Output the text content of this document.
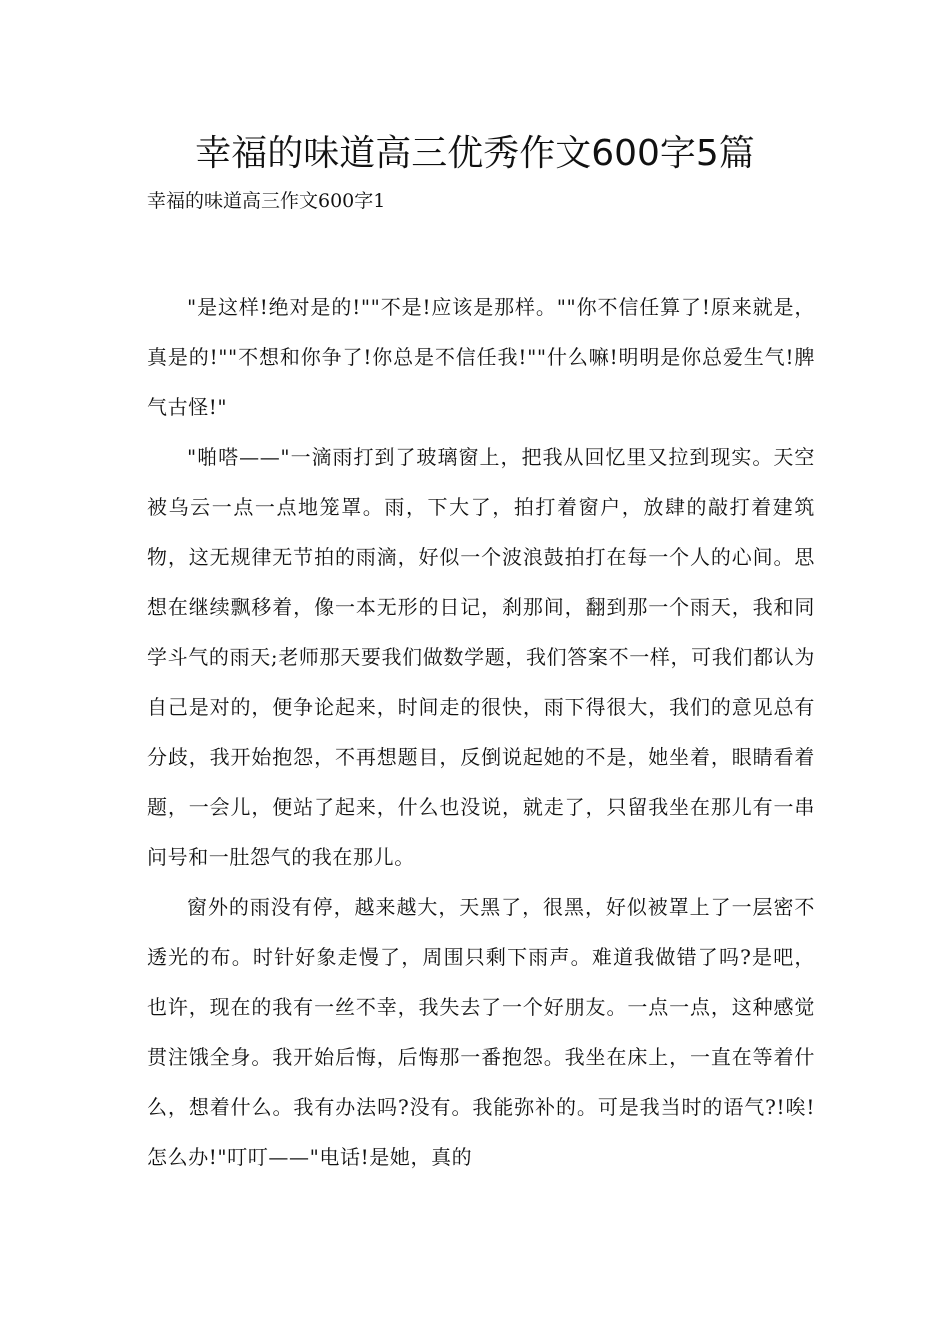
幸福的味道高三优秀作文600字5篇

幸福的味道高三作文600字1

"是这样!绝对是的!""不是!应该是那样。""你不信任算了!原来就是，真是的!""不想和你争了!你总是不信任我!""什么嘛!明明是你总爱生气!脾气古怪!"

"啪嗒——"一滴雨打到了玻璃窗上，把我从回忆里又拉到现实。天空被乌云一点一点地笼罩。雨，下大了，拍打着窗户，放肆的敲打着建筑物，这无规律无节拍的雨滴，好似一个波浪鼓拍打在每一个人的心间。思想在继续飘移着，像一本无形的日记，刹那间，翻到那一个雨天，我和同学斗气的雨天;老师那天要我们做数学题，我们答案不一样，可我们都认为自己是对的，便争论起来，时间走的很快，雨下得很大，我们的意见总有分歧，我开始抱怨，不再想题目，反倒说起她的不是，她坐着，眼睛看着题，一会儿，便站了起来，什么也没说，就走了，只留我坐在那儿有一串问号和一肚怨气的我在那儿。

窗外的雨没有停，越来越大，天黑了，很黑，好似被罩上了一层密不透光的布。时针好象走慢了，周围只剩下雨声。难道我做错了吗?是吧，也许，现在的我有一丝不幸，我失去了一个好朋友。一点一点，这种感觉贯注饿全身。我开始后悔，后悔那一番抱怨。我坐在床上，一直在等着什么，想着什么。我有办法吗?没有。我能弥补的。可是我当时的语气?!唉!怎么办!"叮叮——"电话!是她，真的
